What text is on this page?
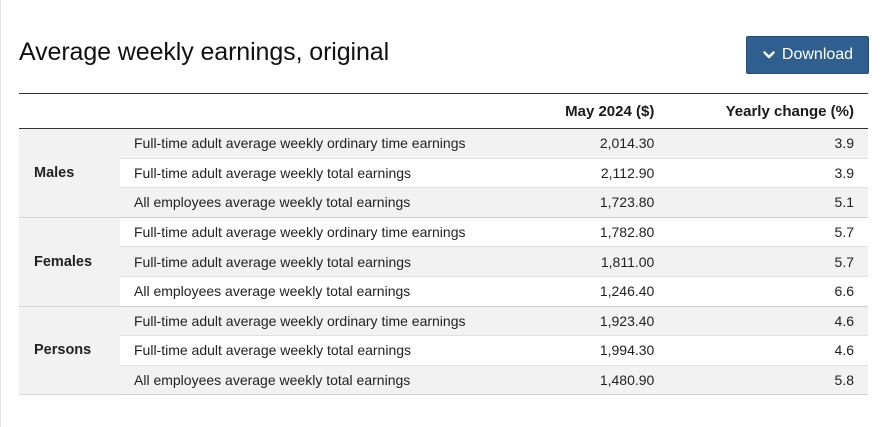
Average weekly earnings, original	Download
		May 2024 ($)	Yearly change (%)
Males	Full-time adult average weekly ordinary time earnings	2,014.30	3.9
	Full-time adult average weekly total earnings	2,112.90	3.9
	All employees average weekly total earnings	1,723.80	5.1
Females	Full-time adult average weekly ordinary time earnings	1,782.80	5.7
	Full-time adult average weekly total earnings	1,811.00	5.7
	All employees average weekly total earnings	1,246.40	6.6
Persons	Full-time adult average weekly ordinary time earnings	1,923.40	4.6
	Full-time adult average weekly total earnings	1,994.30	4.6
	All employees average weekly total earnings	1,480.90	5.8
